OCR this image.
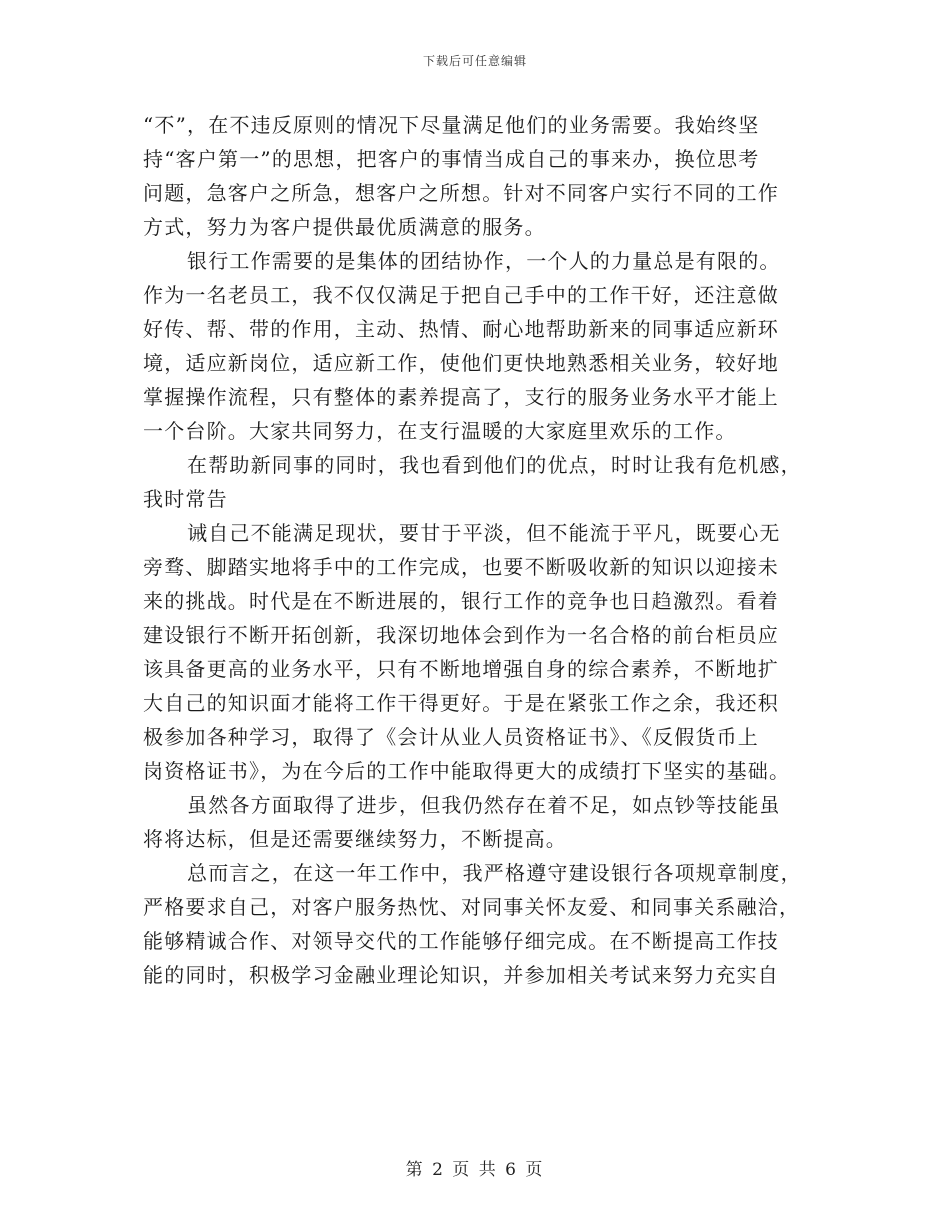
下载后可任意编辑
“不”，在不违反原则的情况下尽量满足他们的业务需要。我始终坚
持“客户第一”的思想，把客户的事情当成自己的事来办，换位思考
问题，急客户之所急，想客户之所想。针对不同客户实行不同的工作
方式，努力为客户提供最优质满意的服务。
银行工作需要的是集体的团结协作，一个人的力量总是有限的。
作为一名老员工，我不仅仅满足于把自己手中的工作干好，还注意做
好传、帮、带的作用，主动、热情、耐心地帮助新来的同事适应新环
境，适应新岗位，适应新工作，使他们更快地熟悉相关业务，较好地
掌握操作流程，只有整体的素养提高了，支行的服务业务水平才能上
一个台阶。大家共同努力，在支行温暖的大家庭里欢乐的工作。
在帮助新同事的同时，我也看到他们的优点，时时让我有危机感，
我时常告
诫自己不能满足现状，要甘于平淡，但不能流于平凡，既要心无
旁骛、脚踏实地将手中的工作完成，也要不断吸收新的知识以迎接未
来的挑战。时代是在不断进展的，银行工作的竞争也日趋激烈。看着
建设银行不断开拓创新，我深切地体会到作为一名合格的前台柜员应
该具备更高的业务水平，只有不断地增强自身的综合素养，不断地扩
大自己的知识面才能将工作干得更好。于是在紧张工作之余，我还积
极参加各种学习，取得了《会计从业人员资格证书》、《反假货币上
岗资格证书》，为在今后的工作中能取得更大的成绩打下坚实的基础。
虽然各方面取得了进步，但我仍然存在着不足，如点钞等技能虽
将将达标，但是还需要继续努力，不断提高。
总而言之，在这一年工作中，我严格遵守建设银行各项规章制度，
严格要求自己，对客户服务热忱、对同事关怀友爱、和同事关系融洽，
能够精诚合作、对领导交代的工作能够仔细完成。在不断提高工作技
能的同时，积极学习金融业理论知识，并参加相关考试来努力充实自
第 2 页 共 6 页
